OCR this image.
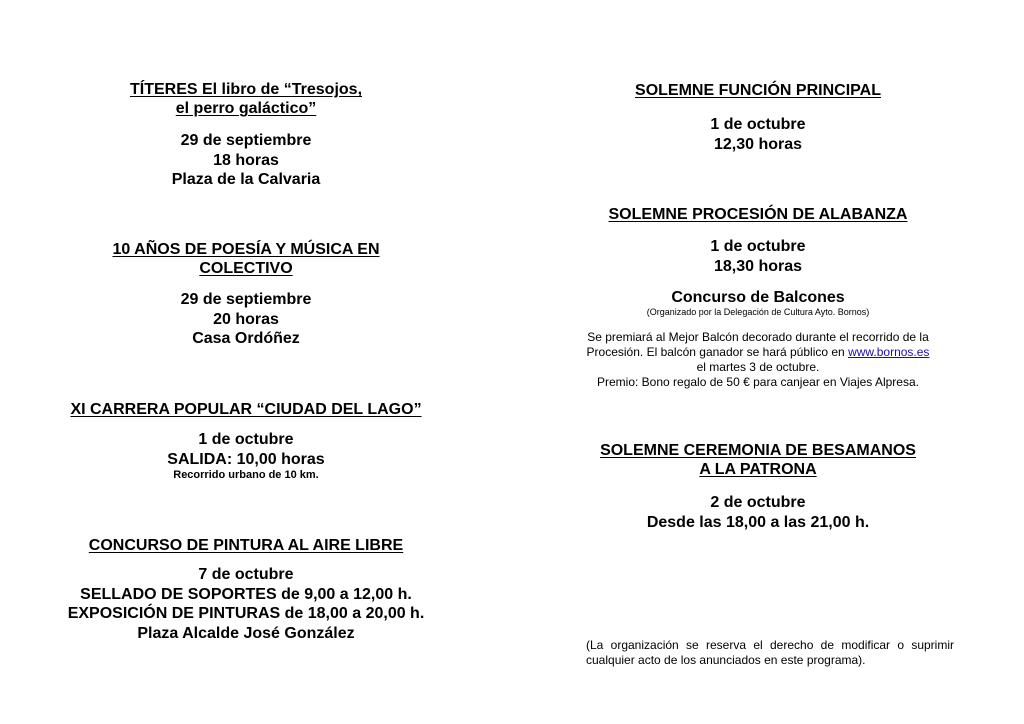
TÍTERES El libro de “Tresojos,
el perro galáctico”
29 de septiembre
18 horas
Plaza de la Calvaria
10 AÑOS DE POESÍA Y MÚSICA EN
COLECTIVO
29 de septiembre
20 horas
Casa Ordóñez
XI CARRERA POPULAR “CIUDAD DEL LAGO”
1 de octubre
SALIDA: 10,00 horas
Recorrido urbano de 10 km.
CONCURSO DE PINTURA AL AIRE LIBRE
7 de octubre
SELLADO DE SOPORTES de 9,00 a 12,00 h.
EXPOSICIÓN DE PINTURAS de 18,00 a 20,00 h.
Plaza Alcalde José González
SOLEMNE FUNCIÓN PRINCIPAL
1 de octubre
12,30 horas
SOLEMNE PROCESIÓN DE ALABANZA
1 de octubre
18,30 horas
Concurso de Balcones
(Organizado por la Delegación de Cultura Ayto. Bornos)
Se premiará al Mejor Balcón decorado durante el recorrido de la
Procesión. El balcón ganador se hará público en www.bornos.es
el martes 3 de octubre.
Premio: Bono regalo de 50 € para canjear en Viajes Alpresa.
SOLEMNE CEREMONIA DE BESAMANOS
A LA PATRONA
2 de octubre
Desde las 18,00 a las 21,00 h.
(La organización se reserva el derecho de modificar o suprimir cualquier acto de los anunciados en este programa).
